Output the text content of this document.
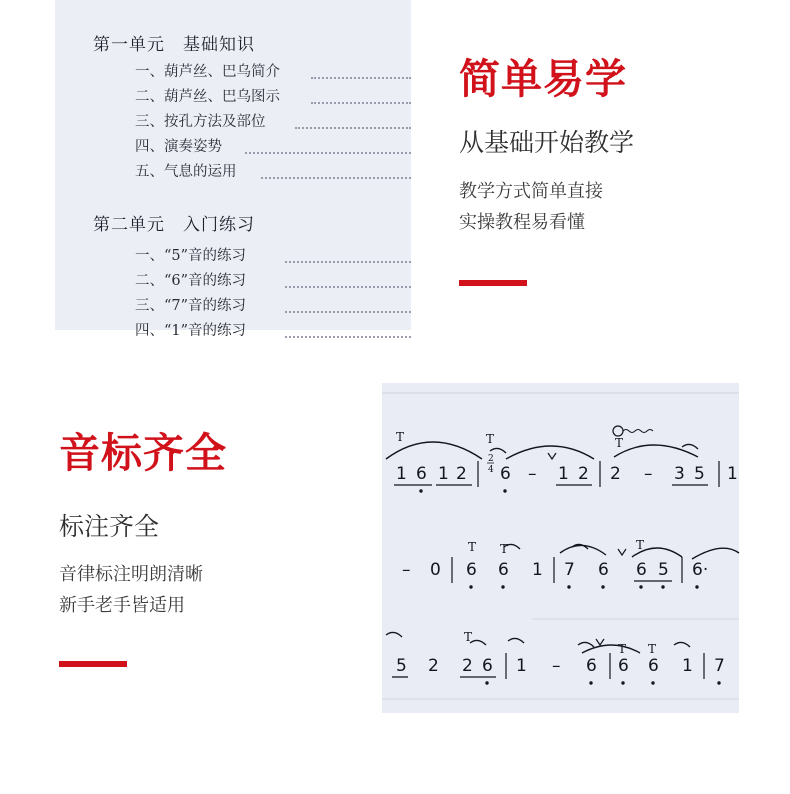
第一单元 基础知识
一、葫芦丝、巴乌简介
二、葫芦丝、巴乌图示
三、按孔方法及部位
四、演奏姿势
五、气息的运用
第二单元 入门练习
一、“5”音的练习
二、“6”音的练习
三、“7”音的练习
四、“1”音的练习
简单易学
从基础开始教学
教学方式简单直接
实操教程易看懂
音标齐全
标注齐全
音律标注明朗清晰
新手老手皆适用
T	T	T
1 6 1 2
2
4 6 – 1 2 2 – 3 5 1
T T	T
– 0 6 6 1 7 6 6 5 6·
T
T T
5 2 2 6 1 – 6 6 6 1 7
